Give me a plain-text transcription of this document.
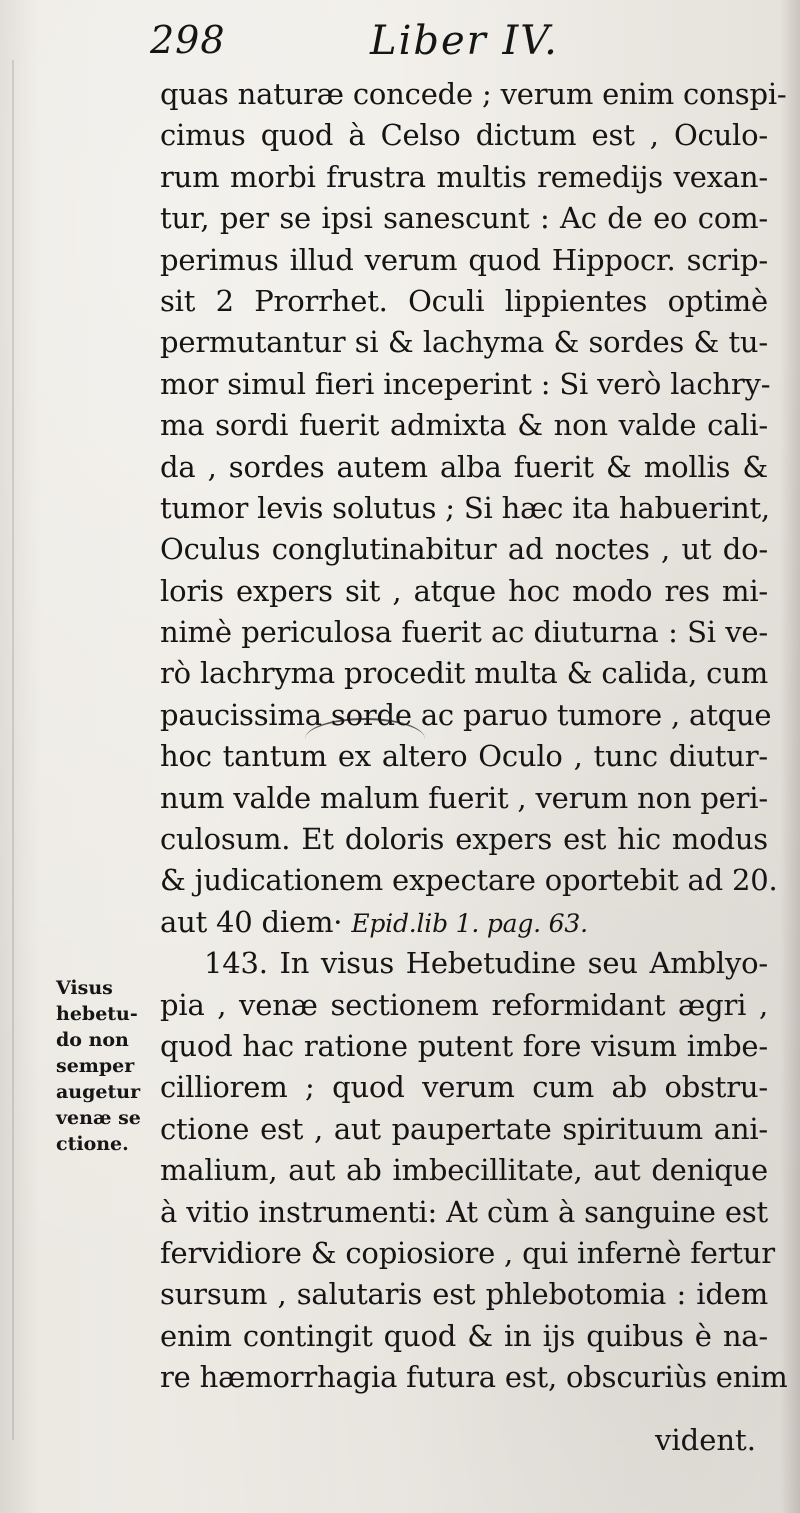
298	Liber IV.
Visus
hebetu-
do non
semper
augetur
venæ se
ctione.
quas naturæ concede ; verum enim conspi-
cimus quod à Celso dictum est , Oculo-
rum morbi frustra multis remedijs vexan-
tur, per se ipsi sanescunt : Ac de eo com-
perimus illud verum quod Hippocr. scrip-
sit 2 Prorrhet. Oculi lippientes optimè
permutantur si & lachyma & sordes & tu-
mor simul fieri inceperint : Si verò lachry-
ma sordi fuerit admixta & non valde cali-
da , sordes autem alba fuerit & mollis &
tumor levis solutus ; Si hæc ita habuerint,
Oculus conglutinabitur ad noctes , ut do-
loris expers sit , atque hoc modo res mi-
nimè periculosa fuerit ac diuturna : Si ve-
rò lachryma procedit multa & calida, cum
paucissima sorde ac paruo tumore , atque
hoc tantum ex altero Oculo , tunc diutur-
num valde malum fuerit , verum non peri-
culosum. Et doloris expers est hic modus
& judicationem expectare oportebit ad 20.
aut 40 diem· Epid.lib 1. pag. 63.
143. In visus Hebetudine seu Amblyo-
pia , venæ sectionem reformidant ægri ,
quod hac ratione putent fore visum imbe-
cilliorem ; quod verum cum ab obstru-
ctione est , aut paupertate spirituum ani-
malium, aut ab imbecillitate, aut denique
à vitio instrumenti: At cùm à sanguine est
fervidiore & copiosiore , qui infernè fertur
sursum , salutaris est phlebotomia : idem
enim contingit quod & in ijs quibus è na-
re hæmorrhagia futura est, obscuriùs enim
vident.
